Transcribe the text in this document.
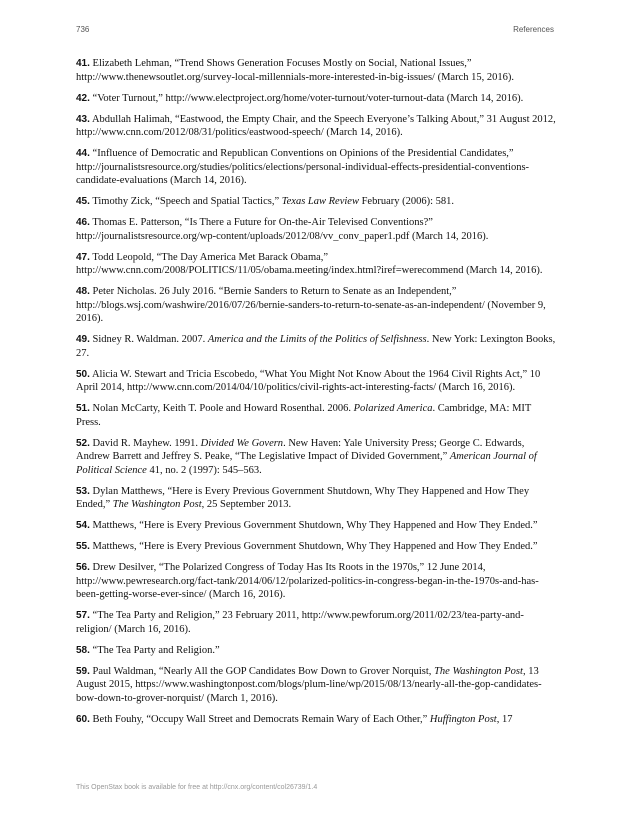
736	References

41. Elizabeth Lehman, “Trend Shows Generation Focuses Mostly on Social, National Issues,” http://www.thenewsoutlet.org/survey-local-millennials-more-interested-in-big-issues/ (March 15, 2016).

42. “Voter Turnout,” http://www.electproject.org/home/voter-turnout/voter-turnout-data (March 14, 2016).

43. Abdullah Halimah, “Eastwood, the Empty Chair, and the Speech Everyone’s Talking About,” 31 August 2012, http://www.cnn.com/2012/08/31/politics/eastwood-speech/ (March 14, 2016).

44. “Influence of Democratic and Republican Conventions on Opinions of the Presidential Candidates,” http://journalistsresource.org/studies/politics/elections/personal-individual-effects-presidential-conventions-candidate-evaluations (March 14, 2016).

45. Timothy Zick, “Speech and Spatial Tactics,” Texas Law Review February (2006): 581.

46. Thomas E. Patterson, “Is There a Future for On-the-Air Televised Conventions?” http://journalistsresource.org/wp-content/uploads/2012/08/vv_conv_paper1.pdf (March 14, 2016).

47. Todd Leopold, “The Day America Met Barack Obama,” http://www.cnn.com/2008/POLITICS/11/05/obama.meeting/index.html?iref=werecommend (March 14, 2016).

48. Peter Nicholas. 26 July 2016. “Bernie Sanders to Return to Senate as an Independent,” http://blogs.wsj.com/washwire/2016/07/26/bernie-sanders-to-return-to-senate-as-an-independent/ (November 9, 2016).

49. Sidney R. Waldman. 2007. America and the Limits of the Politics of Selfishness. New York: Lexington Books, 27.

50. Alicia W. Stewart and Tricia Escobedo, “What You Might Not Know About the 1964 Civil Rights Act,” 10 April 2014, http://www.cnn.com/2014/04/10/politics/civil-rights-act-interesting-facts/ (March 16, 2016).

51. Nolan McCarty, Keith T. Poole and Howard Rosenthal. 2006. Polarized America. Cambridge, MA: MIT Press.

52. David R. Mayhew. 1991. Divided We Govern. New Haven: Yale University Press; George C. Edwards, Andrew Barrett and Jeffrey S. Peake, “The Legislative Impact of Divided Government,” American Journal of Political Science 41, no. 2 (1997): 545–563.

53. Dylan Matthews, “Here is Every Previous Government Shutdown, Why They Happened and How They Ended,” The Washington Post, 25 September 2013.

54. Matthews, “Here is Every Previous Government Shutdown, Why They Happened and How They Ended.”

55. Matthews, “Here is Every Previous Government Shutdown, Why They Happened and How They Ended.”

56. Drew Desilver, “The Polarized Congress of Today Has Its Roots in the 1970s,” 12 June 2014, http://www.pewresearch.org/fact-tank/2014/06/12/polarized-politics-in-congress-began-in-the-1970s-and-has-been-getting-worse-ever-since/ (March 16, 2016).

57. “The Tea Party and Religion,” 23 February 2011, http://www.pewforum.org/2011/02/23/tea-party-and-religion/ (March 16, 2016).

58. “The Tea Party and Religion.”

59. Paul Waldman, “Nearly All the GOP Candidates Bow Down to Grover Norquist, The Washington Post, 13 August 2015, https://www.washingtonpost.com/blogs/plum-line/wp/2015/08/13/nearly-all-the-gop-candidates-bow-down-to-grover-norquist/ (March 1, 2016).

60. Beth Fouhy, “Occupy Wall Street and Democrats Remain Wary of Each Other,” Huffington Post, 17

This OpenStax book is available for free at http://cnx.org/content/col26739/1.4
